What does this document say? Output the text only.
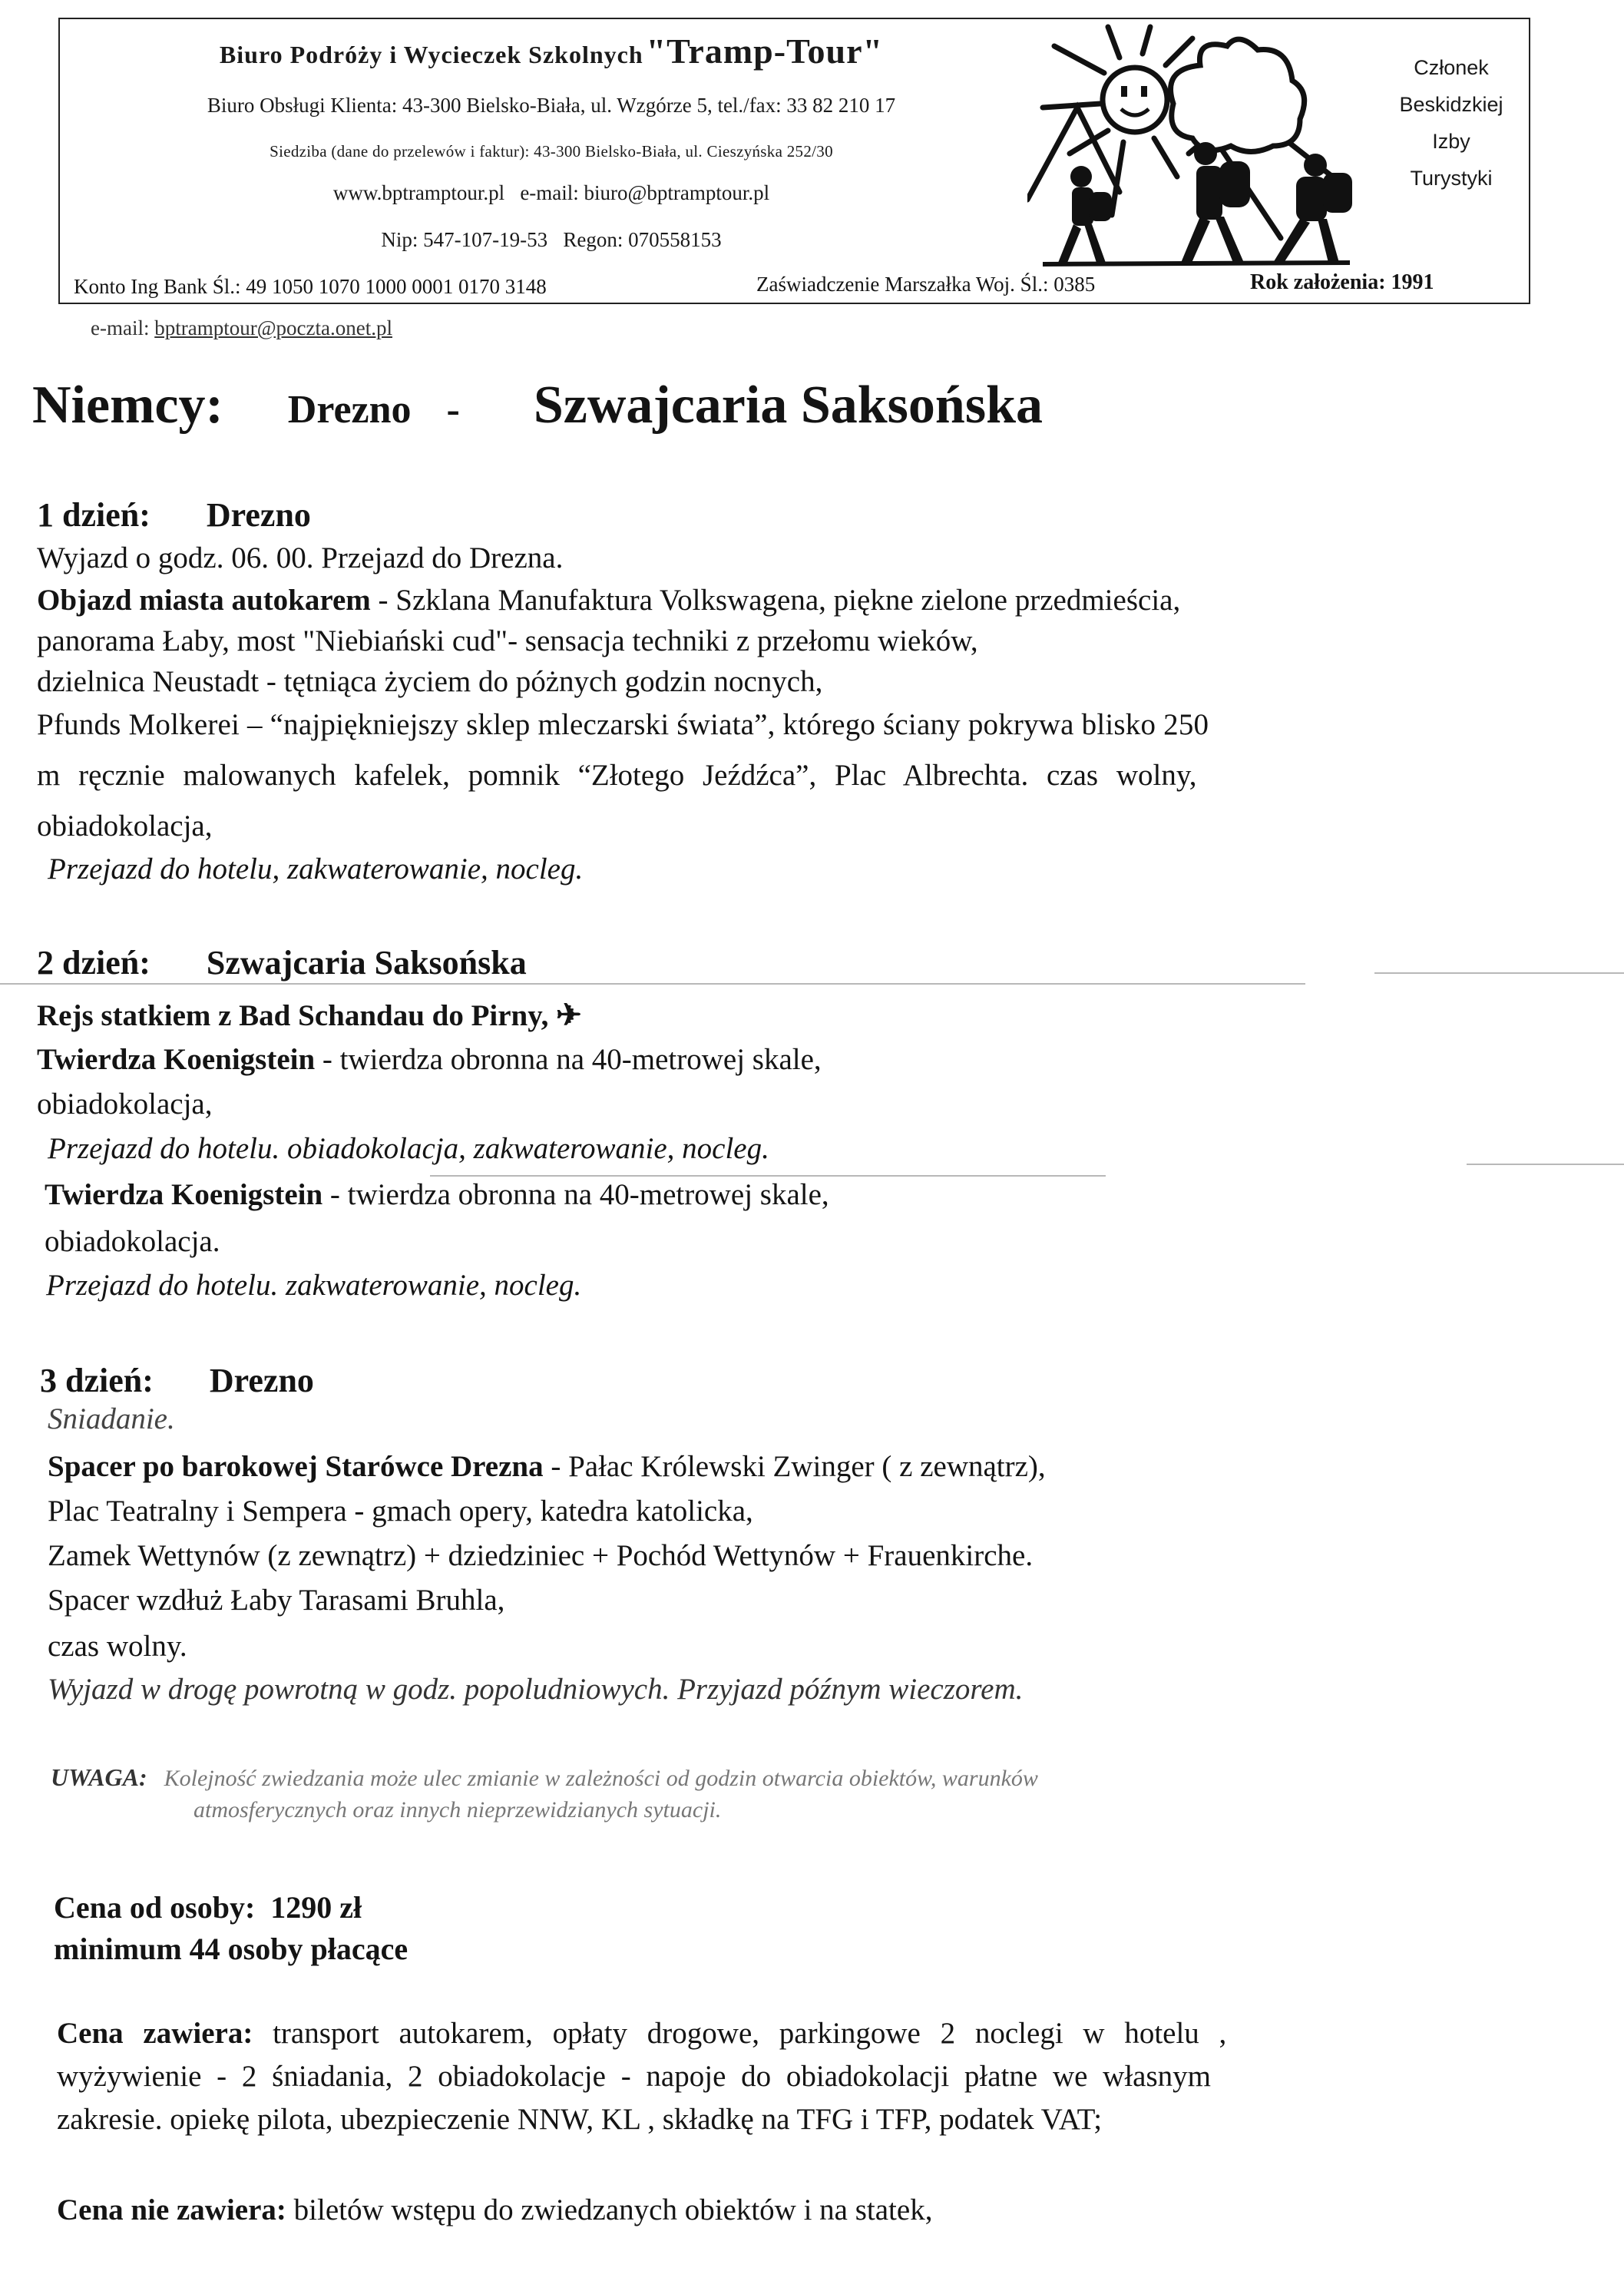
Biuro Podróży i Wycieczek Szkolnych "Tramp-Tour"
Biuro Obsługi Klienta: 43-300 Bielsko-Biała, ul. Wzgórze 5, tel./fax: 33 82 210 17
Siedziba (dane do przelewów i faktur): 43-300 Bielsko-Biała, ul. Cieszyńska 252/30
www.bptramptour.pl e-mail: biuro@bptramptour.pl
Nip: 547-107-19-53   Regon: 070558153
Konto Ing Bank Śl.: 49 1050 1070 1000 0001 0170 3148	Zaświadczenie Marszałka Woj. Śl.: 0385	Rok założenia: 1991
Członek
Beskidzkiej
Izby
Turystyki
e-mail: bptramptour@poczta.onet.pl
Niemcy: Drezno - Szwajcaria Saksońska
1 dzień: Drezno
Wyjazd o godz. 06. 00. Przejazd do Drezna.
Objazd miasta autokarem - Szklana Manufaktura Volkswagena, piękne zielone przedmieścia,
panorama Łaby, most "Niebiański cud"- sensacja techniki z przełomu wieków,
dzielnica Neustadt - tętniąca życiem do póżnych godzin nocnych,
Pfunds Molkerei – “najpiękniejszy sklep mleczarski świata”, którego ściany pokrywa blisko 250
m ręcznie malowanych kafelek, pomnik “Złotego Jeźdźca”, Plac Albrechta. czas wolny,
obiadokolacja,
Przejazd do hotelu, zakwaterowanie, nocleg.
2 dzień: Szwajcaria Saksońska
Rejs statkiem z Bad Schandau do Pirny, ✈
Twierdza Koenigstein - twierdza obronna na 40-metrowej skale,
obiadokolacja,
Przejazd do hotelu. obiadokolacja, zakwaterowanie, nocleg.
Twierdza Koenigstein - twierdza obronna na 40-metrowej skale,
obiadokolacja.
Przejazd do hotelu. zakwaterowanie, nocleg.
3 dzień: Drezno
Sniadanie.
Spacer po barokowej Starówce Drezna - Pałac Królewski Zwinger ( z zewnątrz),
Plac Teatralny i Sempera - gmach opery, katedra katolicka,
Zamek Wettynów (z zewnątrz) + dziedziniec + Pochód Wettynów + Frauenkirche.
Spacer wzdłuż Łaby Tarasami Bruhla,
czas wolny.
Wyjazd w drogę powrotną w godz. popoludniowych. Przyjazd późnym wieczorem.
UWAGA: Kolejność zwiedzania może ulec zmianie w zależności od godzin otwarcia obiektów, warunków
atmosferycznych oraz innych nieprzewidzianych sytuacji.
Cena od osoby: 1290 zł
minimum 44 osoby płacące
Cena zawiera: transport autokarem, opłaty drogowe, parkingowe 2 noclegi w hotelu ,
wyżywienie - 2 śniadania, 2 obiadokolacje - napoje do obiadokolacji płatne we własnym
zakresie. opiekę pilota, ubezpieczenie NNW, KL , składkę na TFG i TFP, podatek VAT;
Cena nie zawiera: biletów wstępu do zwiedzanych obiektów i na statek,
